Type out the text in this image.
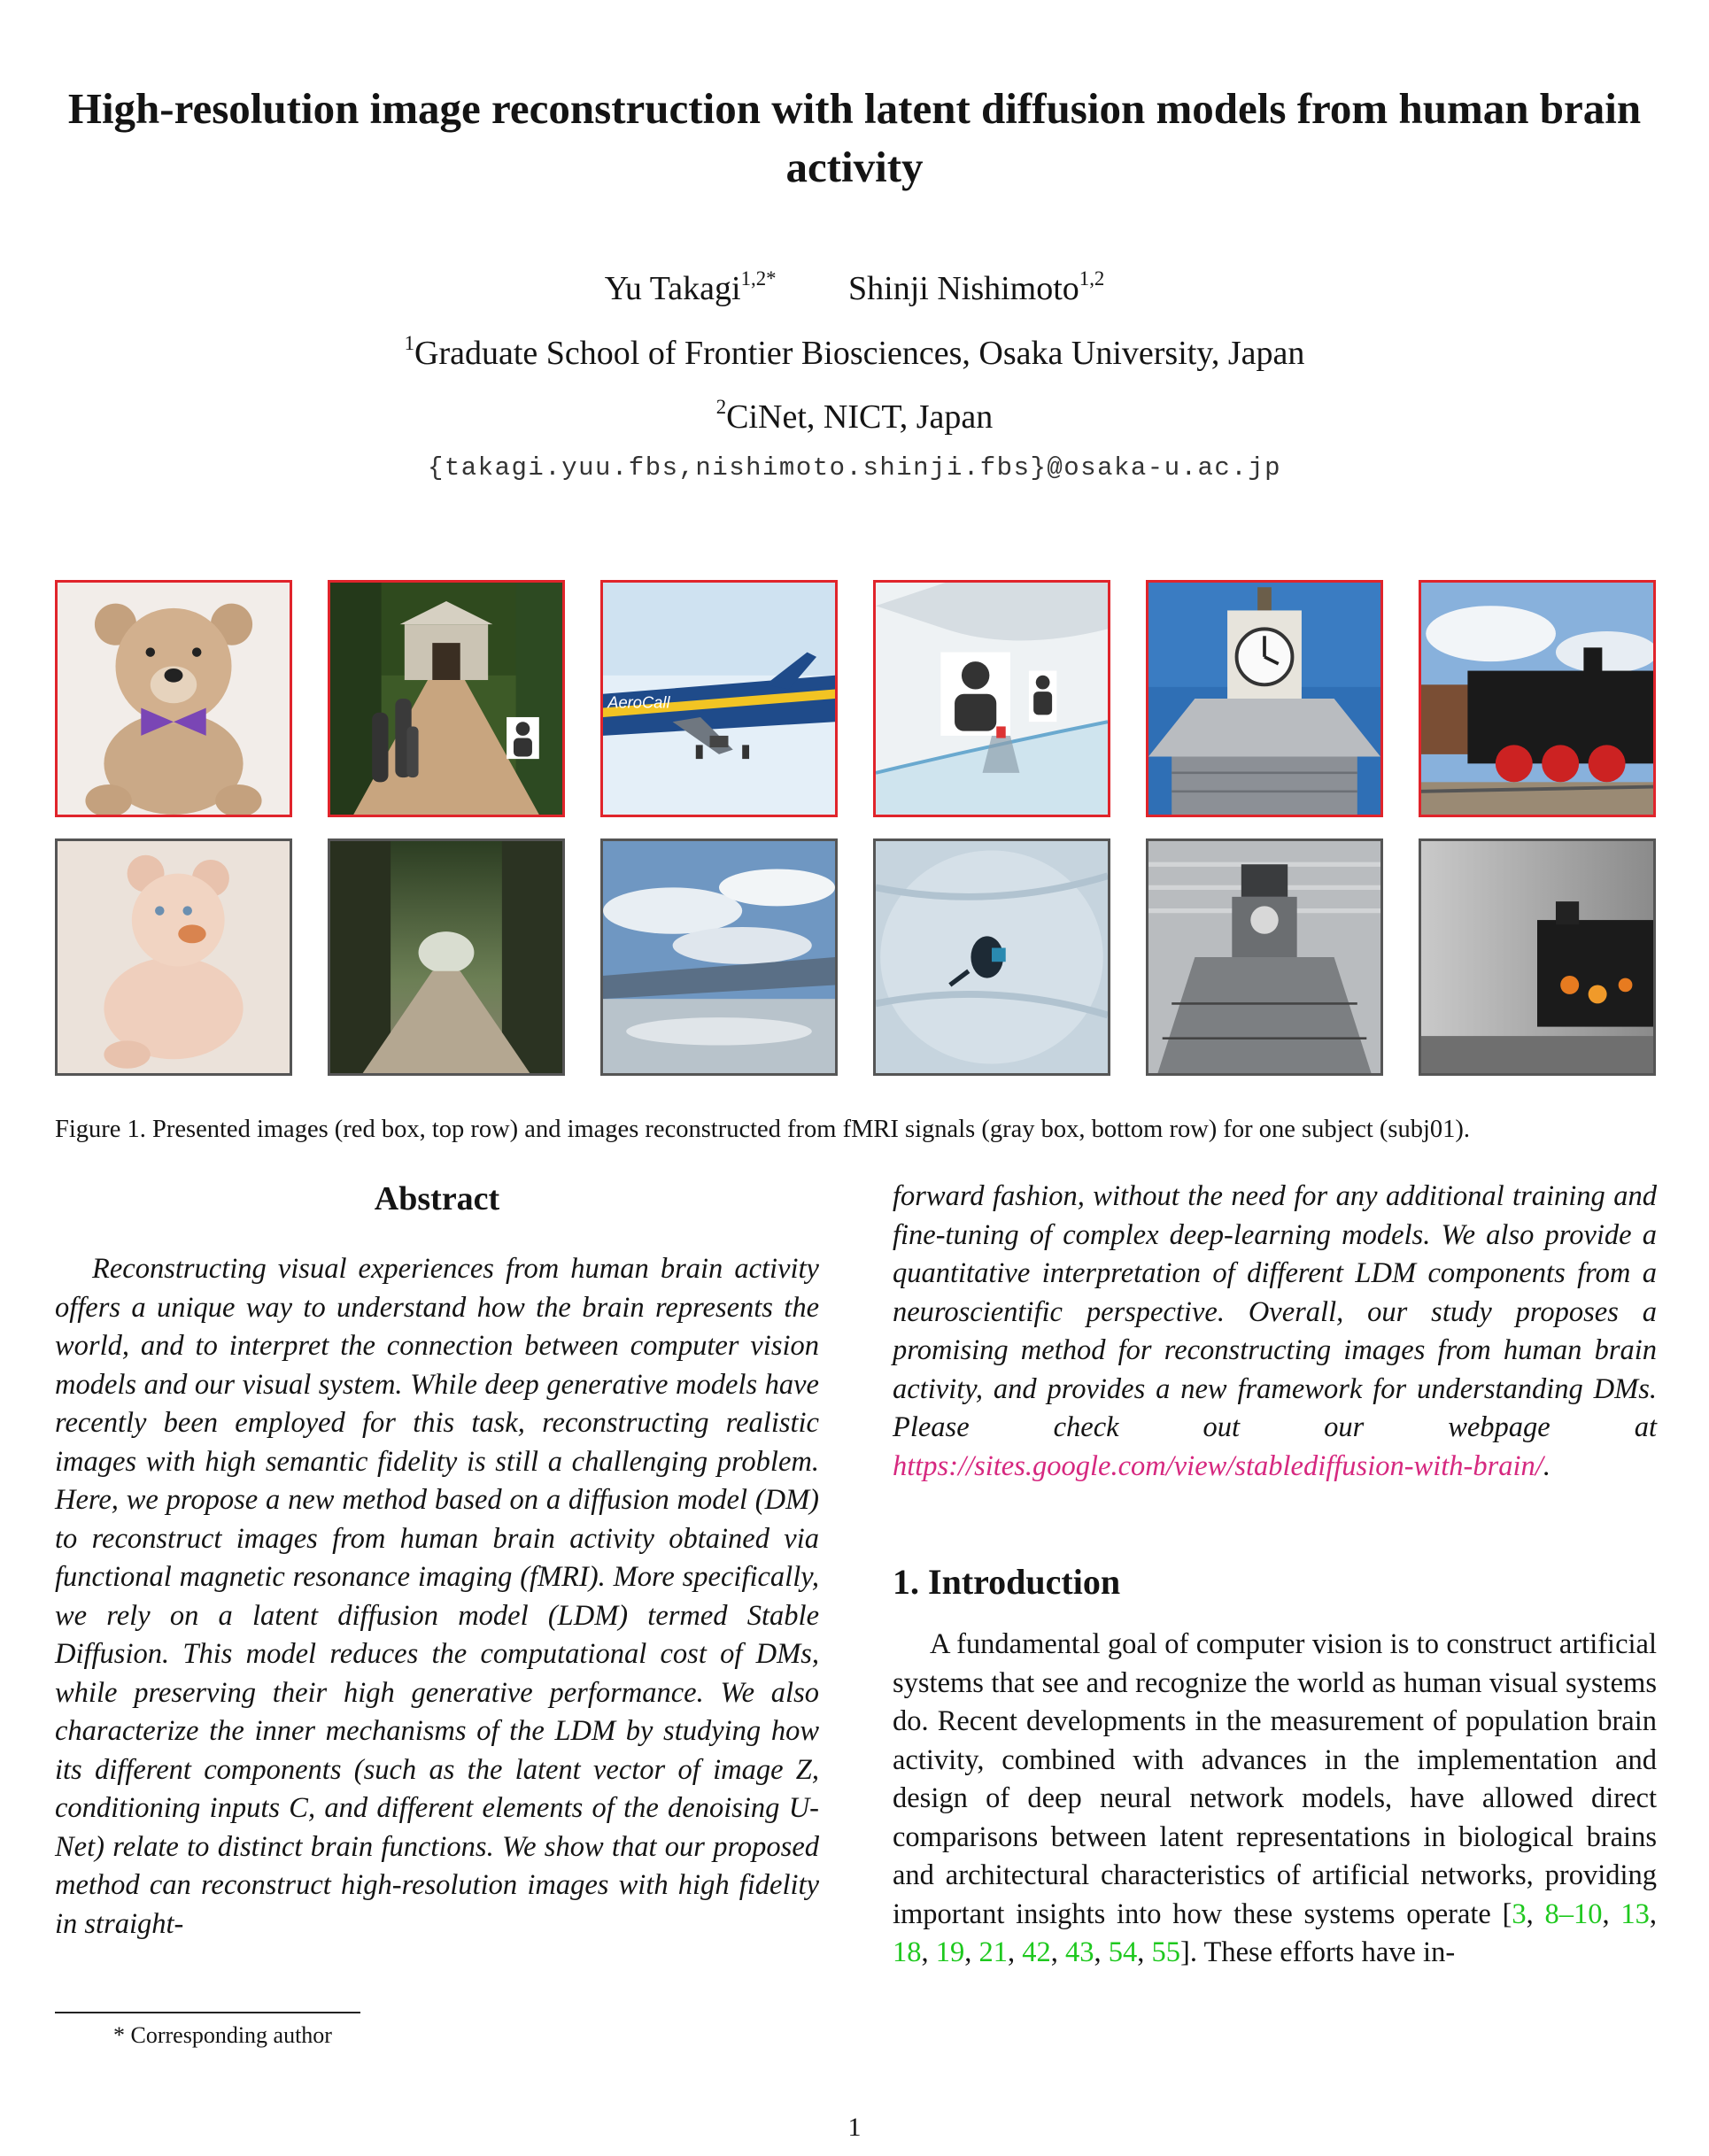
High-resolution image reconstruction with latent diffusion models from human brain activity
Yu Takagi$^{1,2*}$ Shinji Nishimoto$^{1,2}$
$^1$Graduate School of Frontier Biosciences, Osaka University, Japan
$^2$CiNet, NICT, Japan
{takagi.yuu.fbs,nishimoto.shinji.fbs}@osaka-u.ac.jp
AeroCall
Figure 1. Presented images (red box, top row) and images reconstructed from fMRI signals (gray box, bottom row) for one subject (subj01).
Abstract

Reconstructing visual experiences from human brain activity offers a unique way to understand how the brain represents the world, and to interpret the connection between computer vision models and our visual system. While deep generative models have recently been employed for this task, reconstructing realistic images with high semantic fidelity is still a challenging problem. Here, we propose a new method based on a diffusion model (DM) to reconstruct images from human brain activity obtained via functional magnetic resonance imaging (fMRI). More specifically, we rely on a latent diffusion model (LDM) termed Stable Diffusion. This model reduces the computational cost of DMs, while preserving their high generative performance. We also characterize the inner mechanisms of the LDM by studying how its different components (such as the latent vector of image Z, conditioning inputs C, and different elements of the denoising U-Net) relate to distinct brain functions. We show that our proposed method can reconstruct high-resolution images with high fidelity in straight-

forward fashion, without the need for any additional training and fine-tuning of complex deep-learning models. We also provide a quantitative interpretation of different LDM components from a neuroscientific perspective. Overall, our study proposes a promising method for reconstructing images from human brain activity, and provides a new framework for understanding DMs. Please check out our webpage at https://sites.google.com/view/stablediffusion-with-brain/.

1. Introduction

A fundamental goal of computer vision is to construct artificial systems that see and recognize the world as human visual systems do. Recent developments in the measurement of population brain activity, combined with advances in the implementation and design of deep neural network models, have allowed direct comparisons between latent representations in biological brains and architectural characteristics of artificial networks, providing important insights into how these systems operate [3, 8–10, 13, 18, 19, 21, 42, 43, 54, 55]. These efforts have in-

* Corresponding author
1
